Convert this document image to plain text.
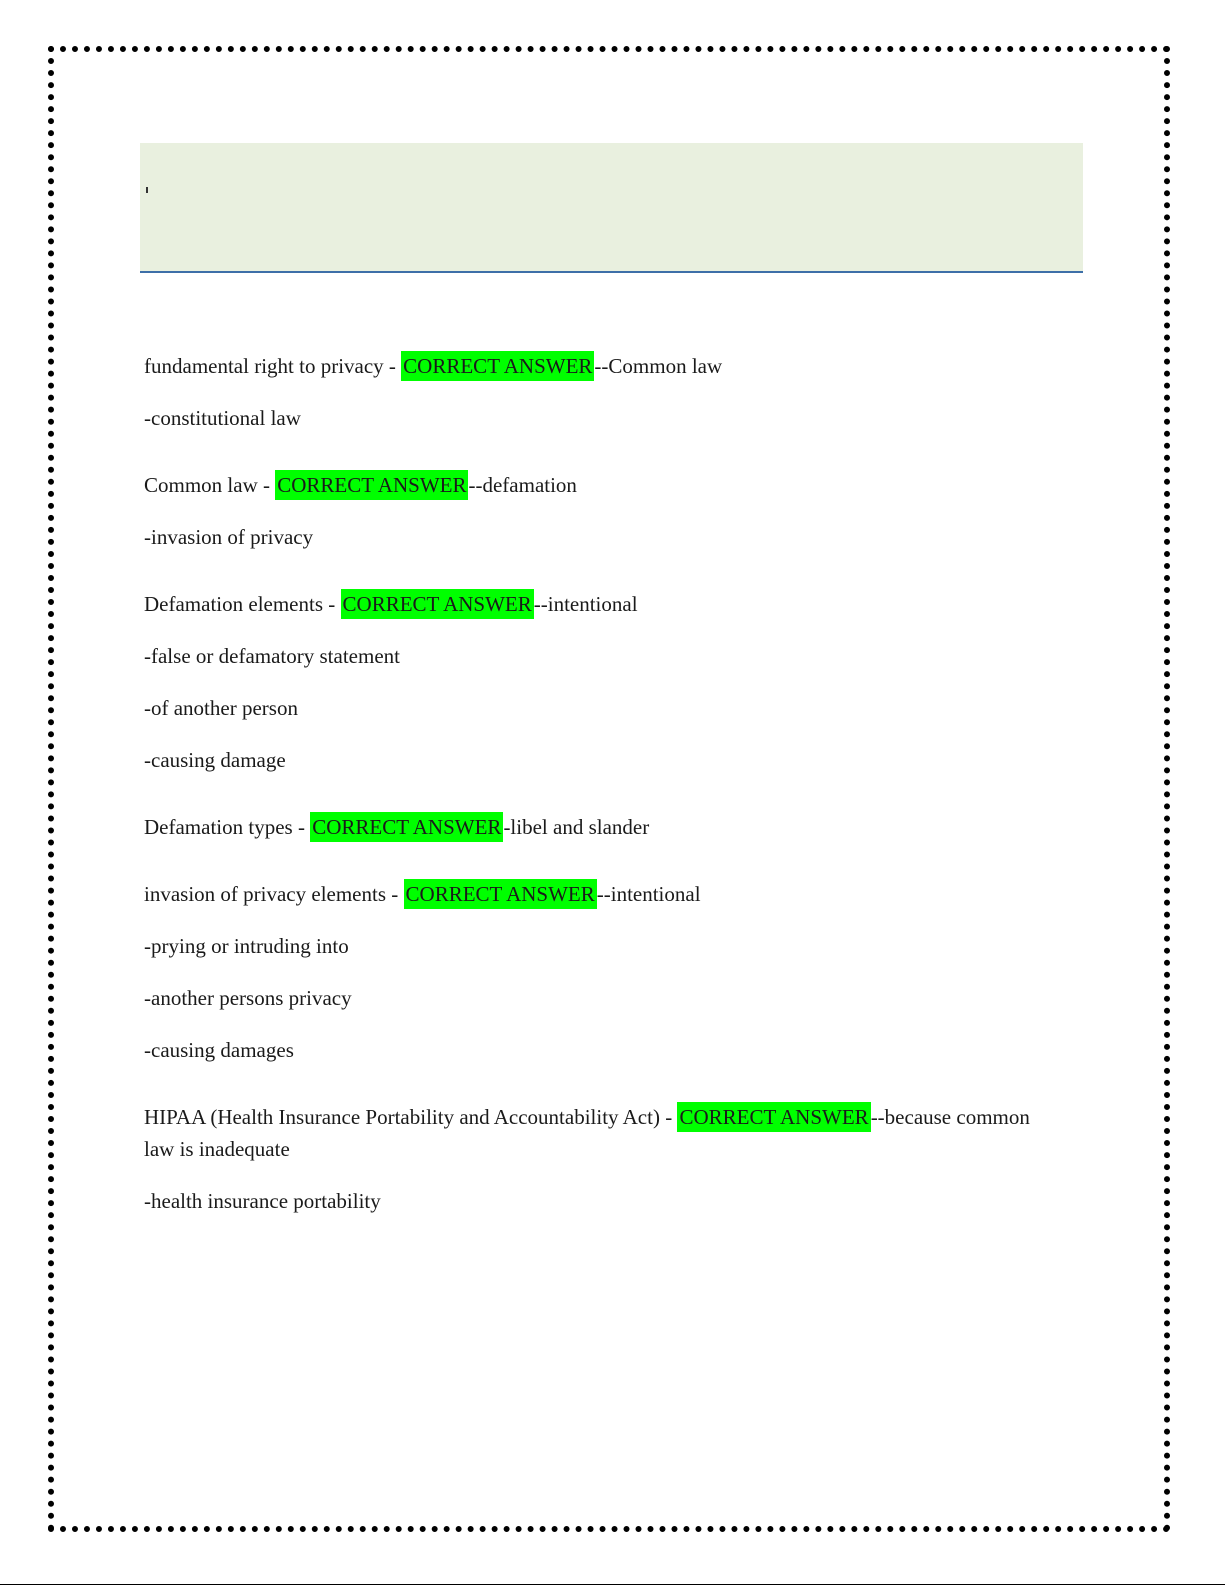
fundamental right to privacy - CORRECT ANSWER--Common law
-constitutional law
Common law - CORRECT ANSWER--defamation
-invasion of privacy
Defamation elements - CORRECT ANSWER--intentional
-false or defamatory statement
-of another person
-causing damage
Defamation types - CORRECT ANSWER-libel and slander
invasion of privacy elements - CORRECT ANSWER--intentional
-prying or intruding into
-another persons privacy
-causing damages
HIPAA (Health Insurance Portability and Accountability Act) - CORRECT ANSWER--because common law is inadequate
-health insurance portability
